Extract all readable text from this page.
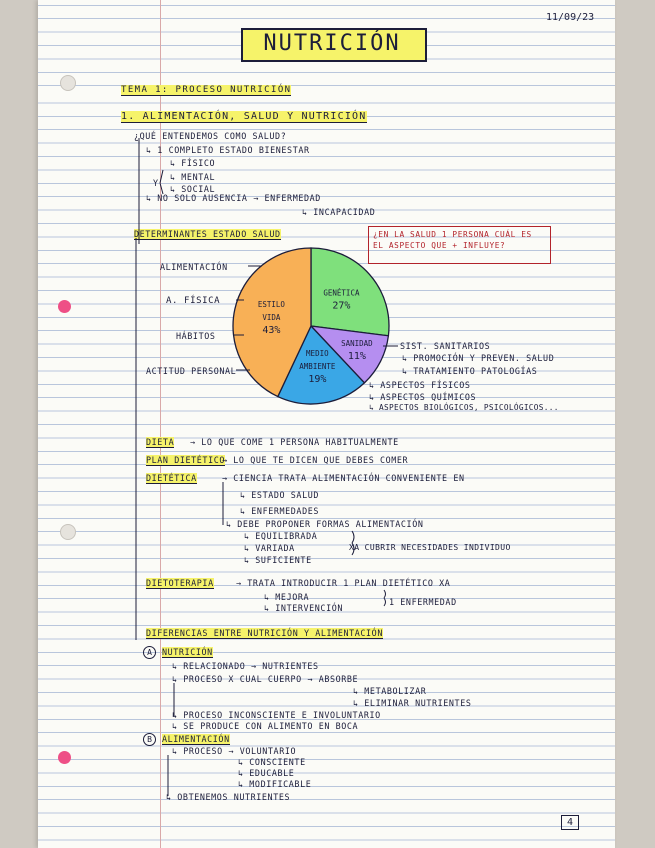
11/09/23
NUTRICIÓN
TEMA 1: PROCESO NUTRICIÓN
1. ALIMENTACIÓN, SALUD Y NUTRICIÓN
¿QUÉ ENTENDEMOS COMO SALUD?
↳ 1 COMPLETO ESTADO BIENESTAR
↳ FÍSICO
↳ MENTAL
Y
↳ SOCIAL
↳ NO SOLO AUSENCIA → ENFERMEDAD
↳ INCAPACIDAD
DETERMINANTES ESTADO SALUD	¿EN LA SALUD 1 PERSONA CUÁL ES EL ASPECTO QUE + INFLUYE?
GENÉTICA
27%
SANIDAD
11%
MEDIO
AMBIENTE
19%
ESTILO
VIDA
43%
ALIMENTACIÓN
A. FÍSICA
HÁBITOS
ACTITUD PERSONAL
SIST. SANITARIOS
↳ PROMOCIÓN Y PREVEN. SALUD
↳ TRATAMIENTO PATOLOGÍAS
↳ ASPECTOS FÍSICOS
↳ ASPECTOS QUÍMICOS
↳ ASPECTOS BIOLÓGICOS, PSICOLÓGICOS...
DIETA → LO QUE COME 1 PERSONA HABITUALMENTE
PLAN DIETÉTICO
→ LO QUE TE DICEN QUE DEBES COMER
DIETÉTICA	→ CIENCIA TRATA ALIMENTACIÓN CONVENIENTE EN
↳ ESTADO SALUD
↳ ENFERMEDADES
↳ DEBE PROPONER FORMAS ALIMENTACIÓN
↳ EQUILIBRADA
↳ VARIADA
↳ SUFICIENTE
XA CUBRIR NECESIDADES INDIVIDUO
DIETOTERAPIA	→ TRATA INTRODUCIR 1 PLAN DIETÉTICO XA
↳ MEJORA
↳ INTERVENCIÓN
1 ENFERMEDAD
DIFERENCIAS ENTRE NUTRICIÓN Y ALIMENTACIÓN
A	NUTRICIÓN
↳ RELACIONADO → NUTRIENTES
↳ PROCESO X CUAL CUERPO → ABSORBE
↳ METABOLIZAR
↳ ELIMINAR NUTRIENTES
↳ PROCESO INCONSCIENTE E INVOLUNTARIO
↳ SE PRODUCE CON ALIMENTO EN BOCA
B	ALIMENTACIÓN
↳ PROCESO → VOLUNTARIO
↳ CONSCIENTE
↳ EDUCABLE
↳ MODIFICABLE
↳ OBTENEMOS NUTRIENTES
4
